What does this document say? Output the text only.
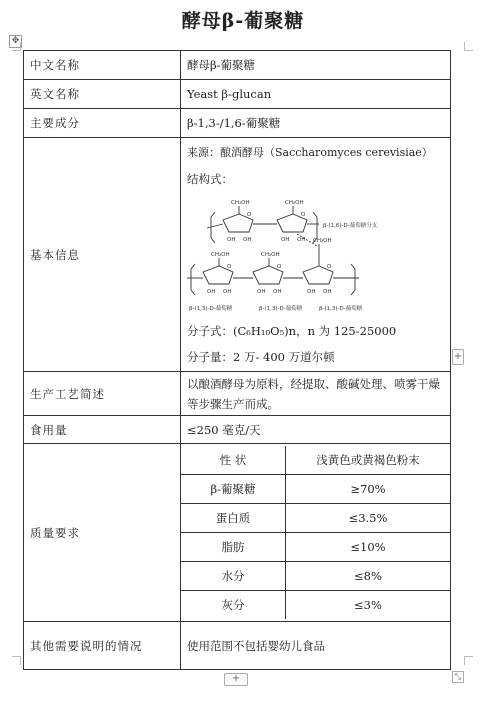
酵母β-葡聚糖
✥
中文名称	酵母β-葡聚糖
英文名称	Yeast β-glucan
主要成分	β-1,3-/1,6-葡聚糖
基本信息	
来源：酿酒酵母（Saccharomyces cerevisiae）
结构式：
CH₂OH	CH₂OH
CH₂OH	CH₂OH
CH₂OH
OH OH	OH OH
OH OH	OH OH	OH OH
O	O
O	O	O
β-(1,6)-D-葡萄糖分支
β-(1,3)-D-葡萄糖	β-(1,3)-D-葡萄糖	β-(1,3)-D-葡萄糖
分子式：(C₆H₁₀O₅)n，n 为 125-25000
分子量：2 万- 400 万道尔顿

生产工艺简述	以酿酒酵母为原料，经提取、酸碱处理、喷雾干燥等步骤生产而成。
食用量	≤250 毫克/天
质量要求	
性 状	浅黄色或黄褐色粉末
β-葡聚糖	≥70%
蛋白质	≤3.5%
脂肪	≤10%
水分	≤8%
灰分	≤3%

其他需要说明的情况	使用范围不包括婴幼儿食品
+
+	⤡
